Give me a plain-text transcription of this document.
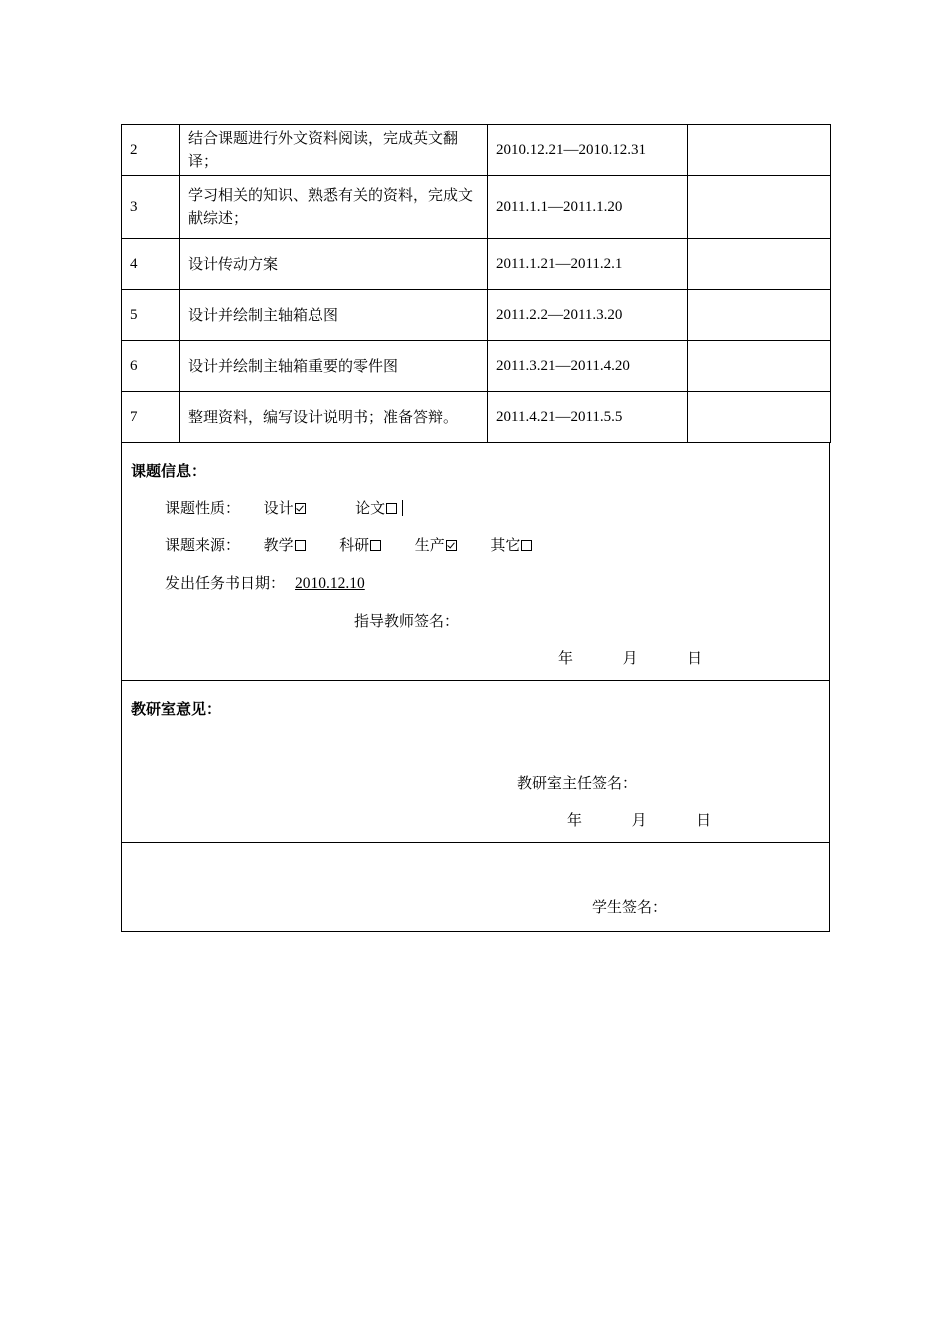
2	结合课题进行外文资料阅读，完成英文翻译；	2010.12.21—2010.12.31	
3	学习相关的知识、熟悉有关的资料，完成文献综述；	2011.1.1—2011.1.20	
4	设计传动方案	2011.1.21—2011.2.1	
5	设计并绘制主轴箱总图	2011.2.2—2011.3.20	
6	设计并绘制主轴箱重要的零件图	2011.3.21—2011.4.20	
7	整理资料，编写设计说明书；准备答辩。	2011.4.21—2011.5.5	
课题信息：
课题性质： 设计	论文
课题来源： 教学	科研	生产	其它
发出任务书日期： 2010.12.10
指导教师签名：
年	月	日
教研室意见：
教研室主任签名：
年	月	日
学生签名：
